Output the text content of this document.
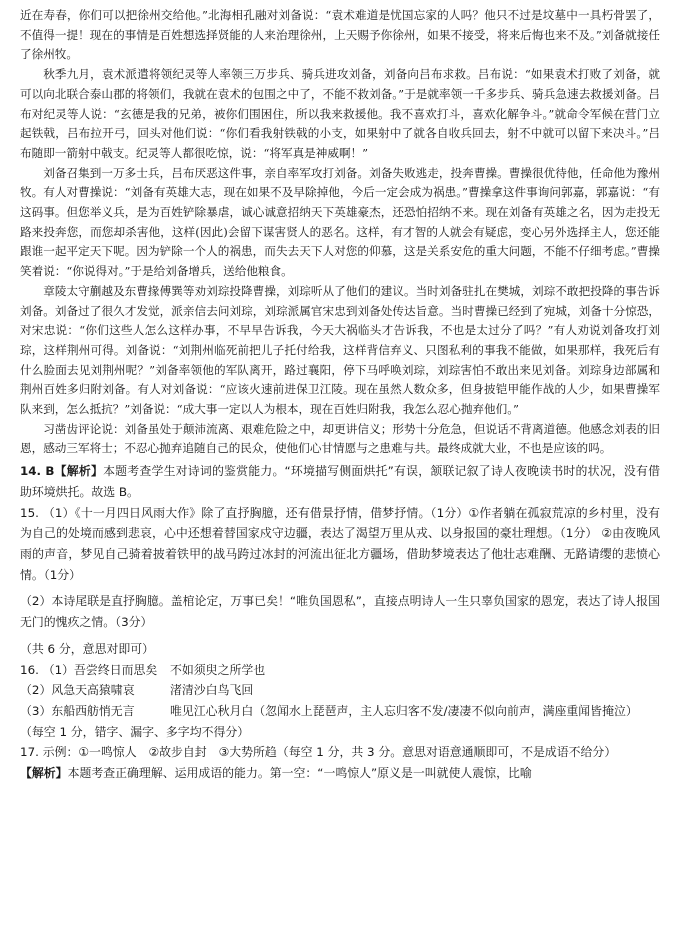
近在寿春，你们可以把徐州交给他。”北海相孔融对刘备说：“袁术难道是忧国忘家的人吗？他只不过是坟墓中一具朽骨罢了，不值得一提！现在的事情是百姓想选择贤能的人来治理徐州，上天赐予你徐州，如果不接受，将来后悔也来不及。”刘备就接任了徐州牧。

秋季九月，袁术派遣将领纪灵等人率领三万步兵、骑兵进攻刘备，刘备向吕布求救。吕布说：“如果袁术打败了刘备，就可以向北联合泰山郡的将领们，我就在袁术的包围之中了，不能不救刘备。”于是就率领一千多步兵、骑兵急速去救援刘备。吕布对纪灵等人说：“玄德是我的兄弟，被你们围困住，所以我来救援他。我不喜欢打斗，喜欢化解争斗。”就命令军候在营门立起铁戟，吕布拉开弓，回头对他们说：“你们看我射铁戟的小支，如果射中了就各自收兵回去，射不中就可以留下来决斗。”吕布随即一箭射中戟支。纪灵等人都很吃惊，说：“将军真是神威啊！”

刘备召集到一万多士兵，吕布厌恶这件事，亲自率军攻打刘备。刘备失败逃走，投奔曹操。曹操很优待他，任命他为豫州牧。有人对曹操说：“刘备有英雄大志，现在如果不及早除掉他，今后一定会成为祸患。”曹操拿这件事询问郭嘉，郭嘉说：“有这码事。但您举义兵，是为百姓铲除暴虐，诚心诚意招纳天下英雄豪杰，还恐怕招纳不来。现在刘备有英雄之名，因为走投无路来投奔您，而您却杀害他，这样(因此)会留下谋害贤人的恶名。这样，有才智的人就会有疑虑，变心另外选择主人，您还能跟谁一起平定天下呢。因为铲除一个人的祸患，而失去天下人对您的仰慕，这是关系安危的重大问题，不能不仔细考虑。”曹操笑着说：“你说得对。”于是给刘备增兵，送给他粮食。

章陵太守蒯越及东曹掾傅巽等劝刘琮投降曹操，刘琮听从了他们的建议。当时刘备驻扎在樊城，刘琮不敢把投降的事告诉刘备。刘备过了很久才发觉，派亲信去问刘琮，刘琮派属官宋忠到刘备处传达旨意。当时曹操已经到了宛城，刘备十分惊恐，对宋忠说：“你们这些人怎么这样办事，不早早告诉我，今天大祸临头才告诉我，不也是太过分了吗？”有人劝说刘备攻打刘琮，这样荆州可得。刘备说：“刘荆州临死前把儿子托付给我，这样背信弃义、只图私利的事我不能做，如果那样，我死后有什么脸面去见刘荆州呢？”刘备率领他的军队离开，路过襄阳，停下马呼唤刘琮，刘琮害怕不敢出来见刘备。刘琮身边部属和荆州百姓多归附刘备。有人对刘备说：“应该火速前进保卫江陵。现在虽然人数众多，但身披铠甲能作战的人少，如果曹操军队来到，怎么抵抗？”刘备说：“成大事一定以人为根本，现在百姓归附我，我怎么忍心抛弃他们。”

习凿齿评论说：刘备虽处于颠沛流离、艰难危险之中，却更讲信义；形势十分危急，但说话不背离道德。他感念刘表的旧恩，感动三军将士；不忍心抛弃追随自己的民众，使他们心甘情愿与之患难与共。最终成就大业，不也是应该的吗。

14. B【解析】本题考查学生对诗词的鉴赏能力。“环境描写侧面烘托”有误，颔联记叙了诗人夜晚读书时的状况，没有借助环境烘托。故选 B。

15. （1）《十一月四日风雨大作》除了直抒胸臆，还有借景抒情，借梦抒情。（1分）①作者躺在孤寂荒凉的乡村里，没有为自己的处境而感到悲哀，心中还想着替国家戍守边疆，表达了渴望万里从戎、以身报国的豪壮理想。（1分） ②由夜晚风雨的声音，梦见自己骑着披着铁甲的战马跨过冰封的河流出征北方疆场，借助梦境表达了他壮志难酬、无路请缨的悲愤心情。（1分）

（2）本诗尾联是直抒胸臆。盖棺论定，万事已矣！“唯负国恩私”，直接点明诗人一生只辜负国家的恩宠，表达了诗人报国无门的愧疚之情。（3分）

（共 6 分，意思对即可）

16. （1）吾尝终日而思矣	不如须臾之所学也

（2）风急天高猿啸哀	渚清沙白鸟飞回

（3）东船西舫悄无言	唯见江心秋月白（忽闻水上琵琶声，主人忘归客不发/凄凄不似向前声，满座重闻皆掩泣）

（每空 1 分，错字、漏字、多字均不得分）

17. 示例：①一鸣惊人　②故步自封　③大势所趋（每空 1 分，共 3 分。意思对语意通顺即可，不是成语不给分）

【解析】本题考查正确理解、运用成语的能力。第一空：“一鸣惊人”原义是一叫就使人震惊，比喻
